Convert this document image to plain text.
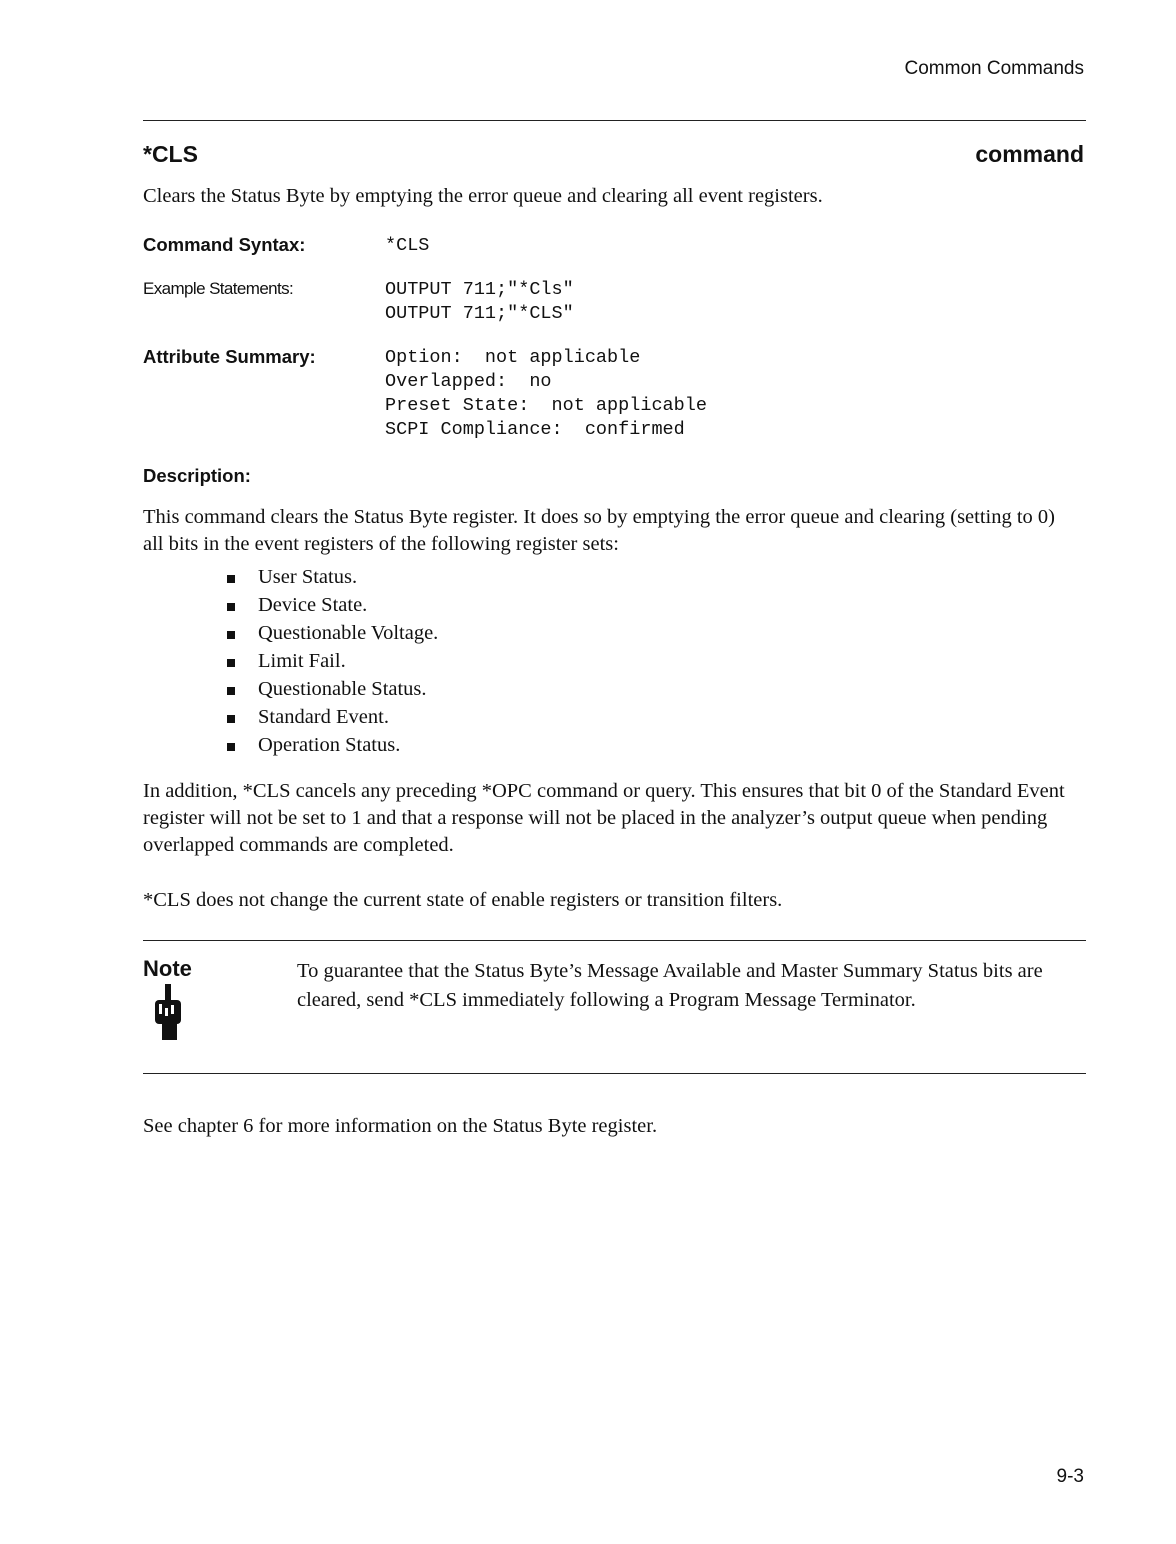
Common Commands
*CLS	command
Clears the Status Byte by emptying the error queue and clearing all event registers.
Command Syntax:	*CLS
Example Statements:	OUTPUT 711;"*Cls"
OUTPUT 711;"*CLS"
Attribute Summary:	Option:  not applicable
Overlapped:  no
Preset State:  not applicable
SCPI Compliance:  confirmed
Description:
This command clears the Status Byte register. It does so by emptying the error queue and clearing (setting to 0) all bits in the event registers of the following register sets:
User Status.
Device State.
Questionable Voltage.
Limit Fail.
Questionable Status.
Standard Event.
Operation Status.
In addition, *CLS cancels any preceding *OPC command or query. This ensures that bit 0 of the Standard Event register will not be set to 1 and that a response will not be placed in the analyzer’s output queue when pending overlapped commands are completed.
*CLS does not change the current state of enable registers or transition filters.
Note	To guarantee that the Status Byte’s Message Available and Master Summary Status bits are cleared, send *CLS immediately following a Program Message Terminator.
See chapter 6 for more information on the Status Byte register.
9-3
